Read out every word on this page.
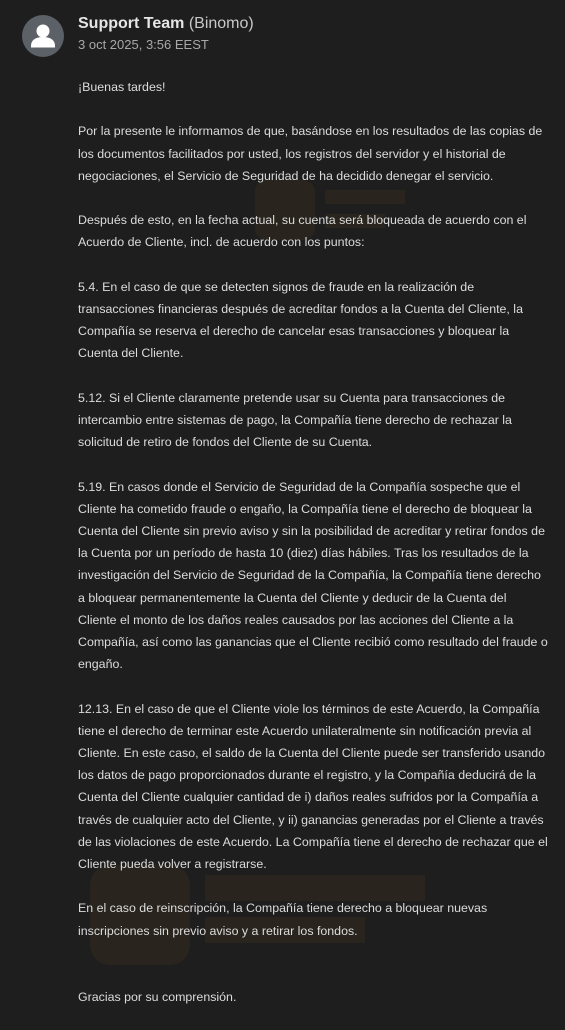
Support Team (Binomo)
3 oct 2025, 3:56 EEST

¡Buenas tardes!

Por la presente le informamos de que, basándose en los resultados de las copias de los documentos facilitados por usted, los registros del servidor y el historial de negociaciones, el Servicio de Seguridad de ha decidido denegar el servicio.

Después de esto, en la fecha actual, su cuenta será bloqueada de acuerdo con el Acuerdo de Cliente, incl. de acuerdo con los puntos:

5.4. En el caso de que se detecten signos de fraude en la realización de transacciones financieras después de acreditar fondos a la Cuenta del Cliente, la Compañía se reserva el derecho de cancelar esas transacciones y bloquear la Cuenta del Cliente.

5.12. Si el Cliente claramente pretende usar su Cuenta para transacciones de intercambio entre sistemas de pago, la Compañía tiene derecho de rechazar la solicitud de retiro de fondos del Cliente de su Cuenta.

5.19. En casos donde el Servicio de Seguridad de la Compañía sospeche que el Cliente ha cometido fraude o engaño, la Compañía tiene el derecho de bloquear la Cuenta del Cliente sin previo aviso y sin la posibilidad de acreditar y retirar fondos de la Cuenta por un período de hasta 10 (diez) días hábiles. Tras los resultados de la investigación del Servicio de Seguridad de la Compañía, la Compañía tiene derecho a bloquear permanentemente la Cuenta del Cliente y deducir de la Cuenta del Cliente el monto de los daños reales causados por las acciones del Cliente a la Compañía, así como las ganancias que el Cliente recibió como resultado del fraude o engaño.

12.13. En el caso de que el Cliente viole los términos de este Acuerdo, la Compañía tiene el derecho de terminar este Acuerdo unilateralmente sin notificación previa al Cliente. En este caso, el saldo de la Cuenta del Cliente puede ser transferido usando los datos de pago proporcionados durante el registro, y la Compañía deducirá de la Cuenta del Cliente cualquier cantidad de i) daños reales sufridos por la Compañía a través de cualquier acto del Cliente, y ii) ganancias generadas por el Cliente a través de las violaciones de este Acuerdo. La Compañía tiene el derecho de rechazar que el Cliente pueda volver a registrarse.

En el caso de reinscripción, la Compañía tiene derecho a bloquear nuevas inscripciones sin previo aviso y a retirar los fondos.

Gracias por su comprensión.
